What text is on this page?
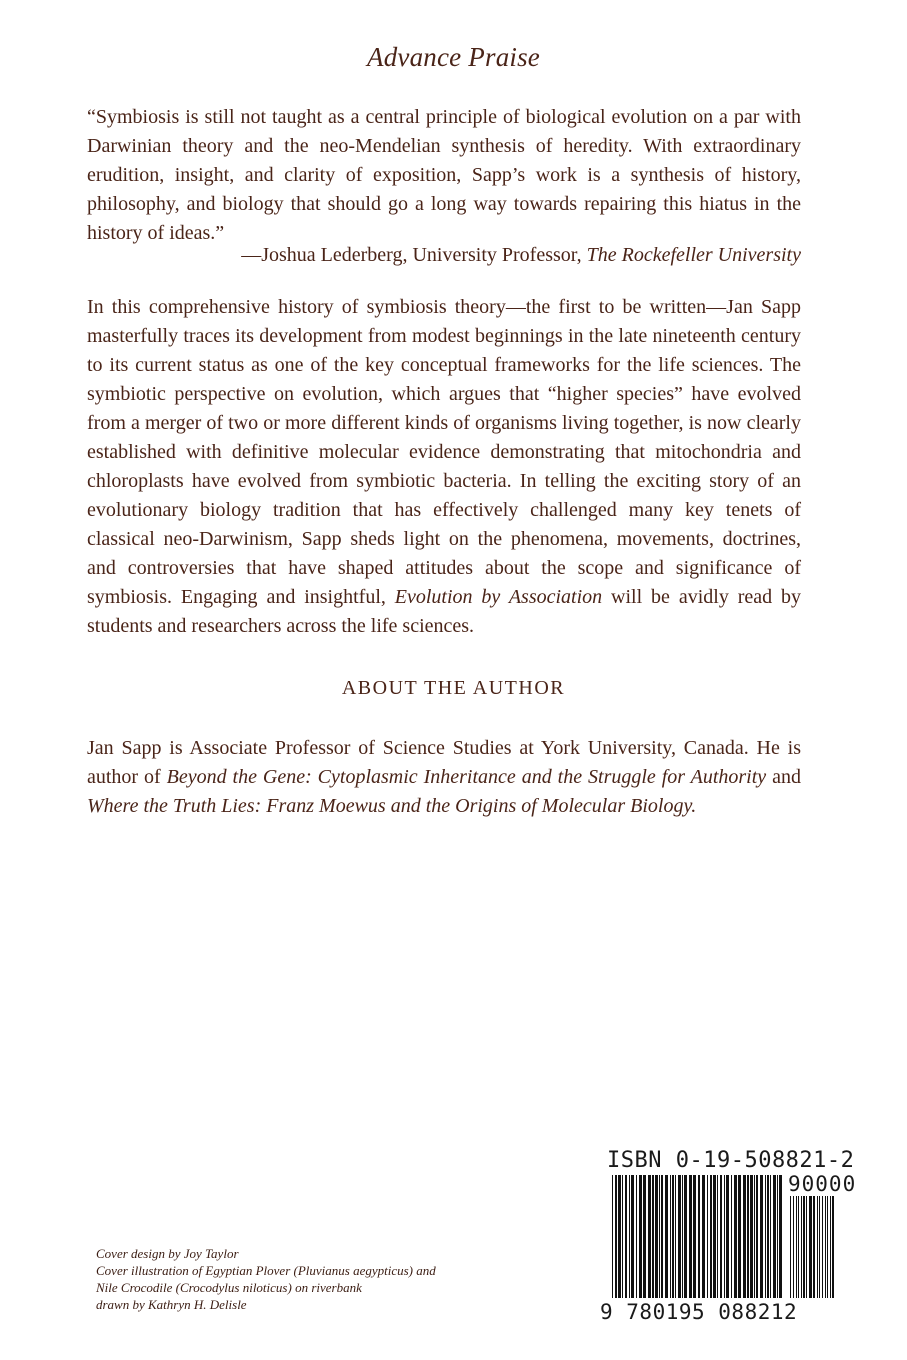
Advance Praise
“Symbiosis is still not taught as a central principle of biological evolution on a par with Darwinian theory and the neo-Mendelian synthesis of heredity. With extraordinary erudition, insight, and clarity of exposition, Sapp’s work is a synthesis of history, philosophy, and biology that should go a long way towards repairing this hiatus in the history of ideas.”
—Joshua Lederberg, University Professor, The Rockefeller University
In this comprehensive history of symbiosis theory—the first to be written—Jan Sapp masterfully traces its development from modest beginnings in the late nineteenth century to its current status as one of the key conceptual frameworks for the life sciences. The symbiotic perspective on evolution, which argues that “higher species” have evolved from a merger of two or more different kinds of organisms living together, is now clearly established with definitive molecular evidence demonstrating that mitochondria and chloroplasts have evolved from symbiotic bacteria. In telling the exciting story of an evolutionary biology tradition that has effectively challenged many key tenets of classical neo-Darwinism, Sapp sheds light on the phenomena, movements, doctrines, and controversies that have shaped attitudes about the scope and significance of symbiosis. Engaging and insightful, Evolution by Association will be avidly read by students and researchers across the life sciences.
ABOUT THE AUTHOR
Jan Sapp is Associate Professor of Science Studies at York University, Canada. He is author of Beyond the Gene: Cytoplasmic Inheritance and the Struggle for Authority and Where the Truth Lies: Franz Moewus and the Origins of Molecular Biology.
Cover design by Joy Taylor
Cover illustration of Egyptian Plover (Pluvianus aegypticus) and
Nile Crocodile (Crocodylus niloticus) on riverbank
drawn by Kathryn H. Delisle
ISBN 0-19-508821-2
90000
9 780195 088212
